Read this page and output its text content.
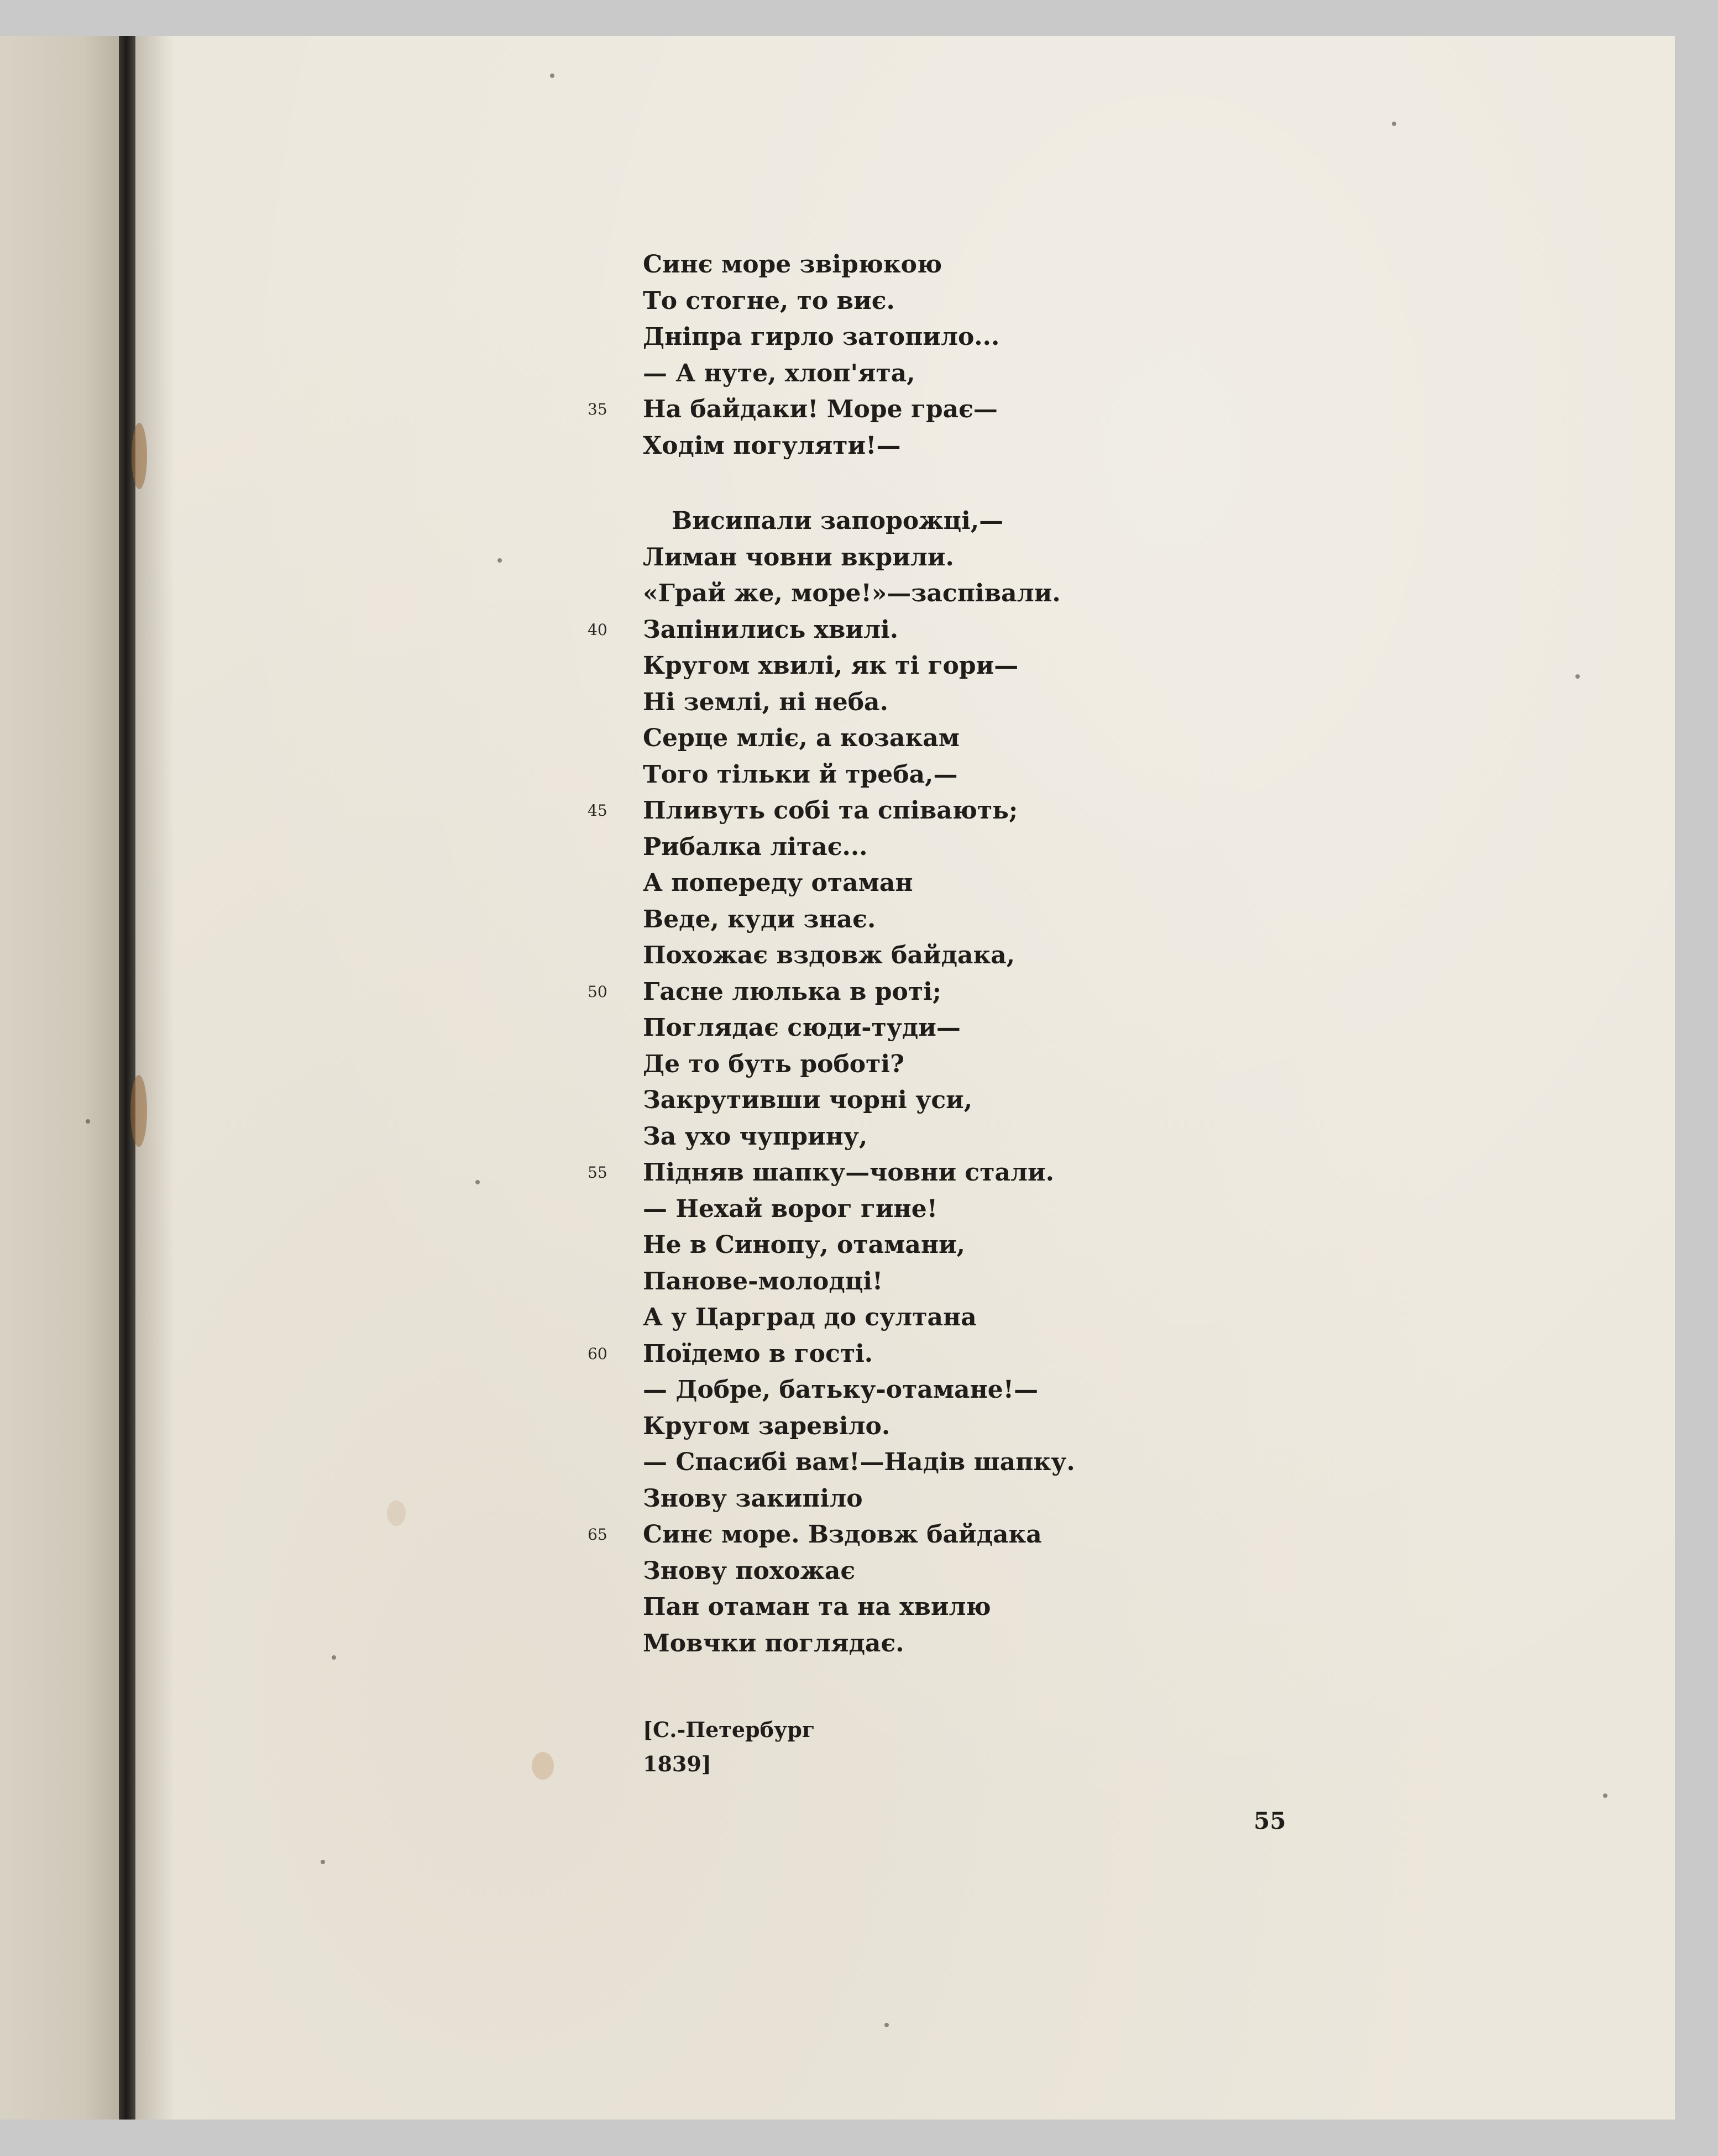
Синє море звірюкою
То стогне, то виє.
Дніпра гирло затопило...
— А нуте, хлоп'ята,
35 На байдаки! Море грає—
Ходім погуляти!—
Висипали запорожці,—
Лиман човни вкрили.
«Грай же, море!»—заспівали.
40 Запінились хвилі.
Кругом хвилі, як ті гори—
Ні землі, ні неба.
Серце мліє, а козакам
Того тільки й треба,—
45 Пливуть собі та співають;
Рибалка літає...
А попереду отаман
Веде, куди знає.
Похожає вздовж байдака,
50 Гасне люлька в роті;
Поглядає сюди-туди—
Де то буть роботі?
Закрутивши чорні уси,
За ухо чуприну,
55 Підняв шапку—човни стали.
— Нехай ворог гине!
Не в Синопу, отамани,
Панове-молодці!
А у Царград до султана
60 Поїдемо в гості.
— Добре, батьку-отамане!—
Кругом заревіло.
— Спасибі вам!—Надів шапку.
Знову закипіло
65 Синє море. Вздовж байдака
Знову похожає
Пан отаман та на хвилю
Мовчки поглядає.
[С.-Петербург
1839]
55
